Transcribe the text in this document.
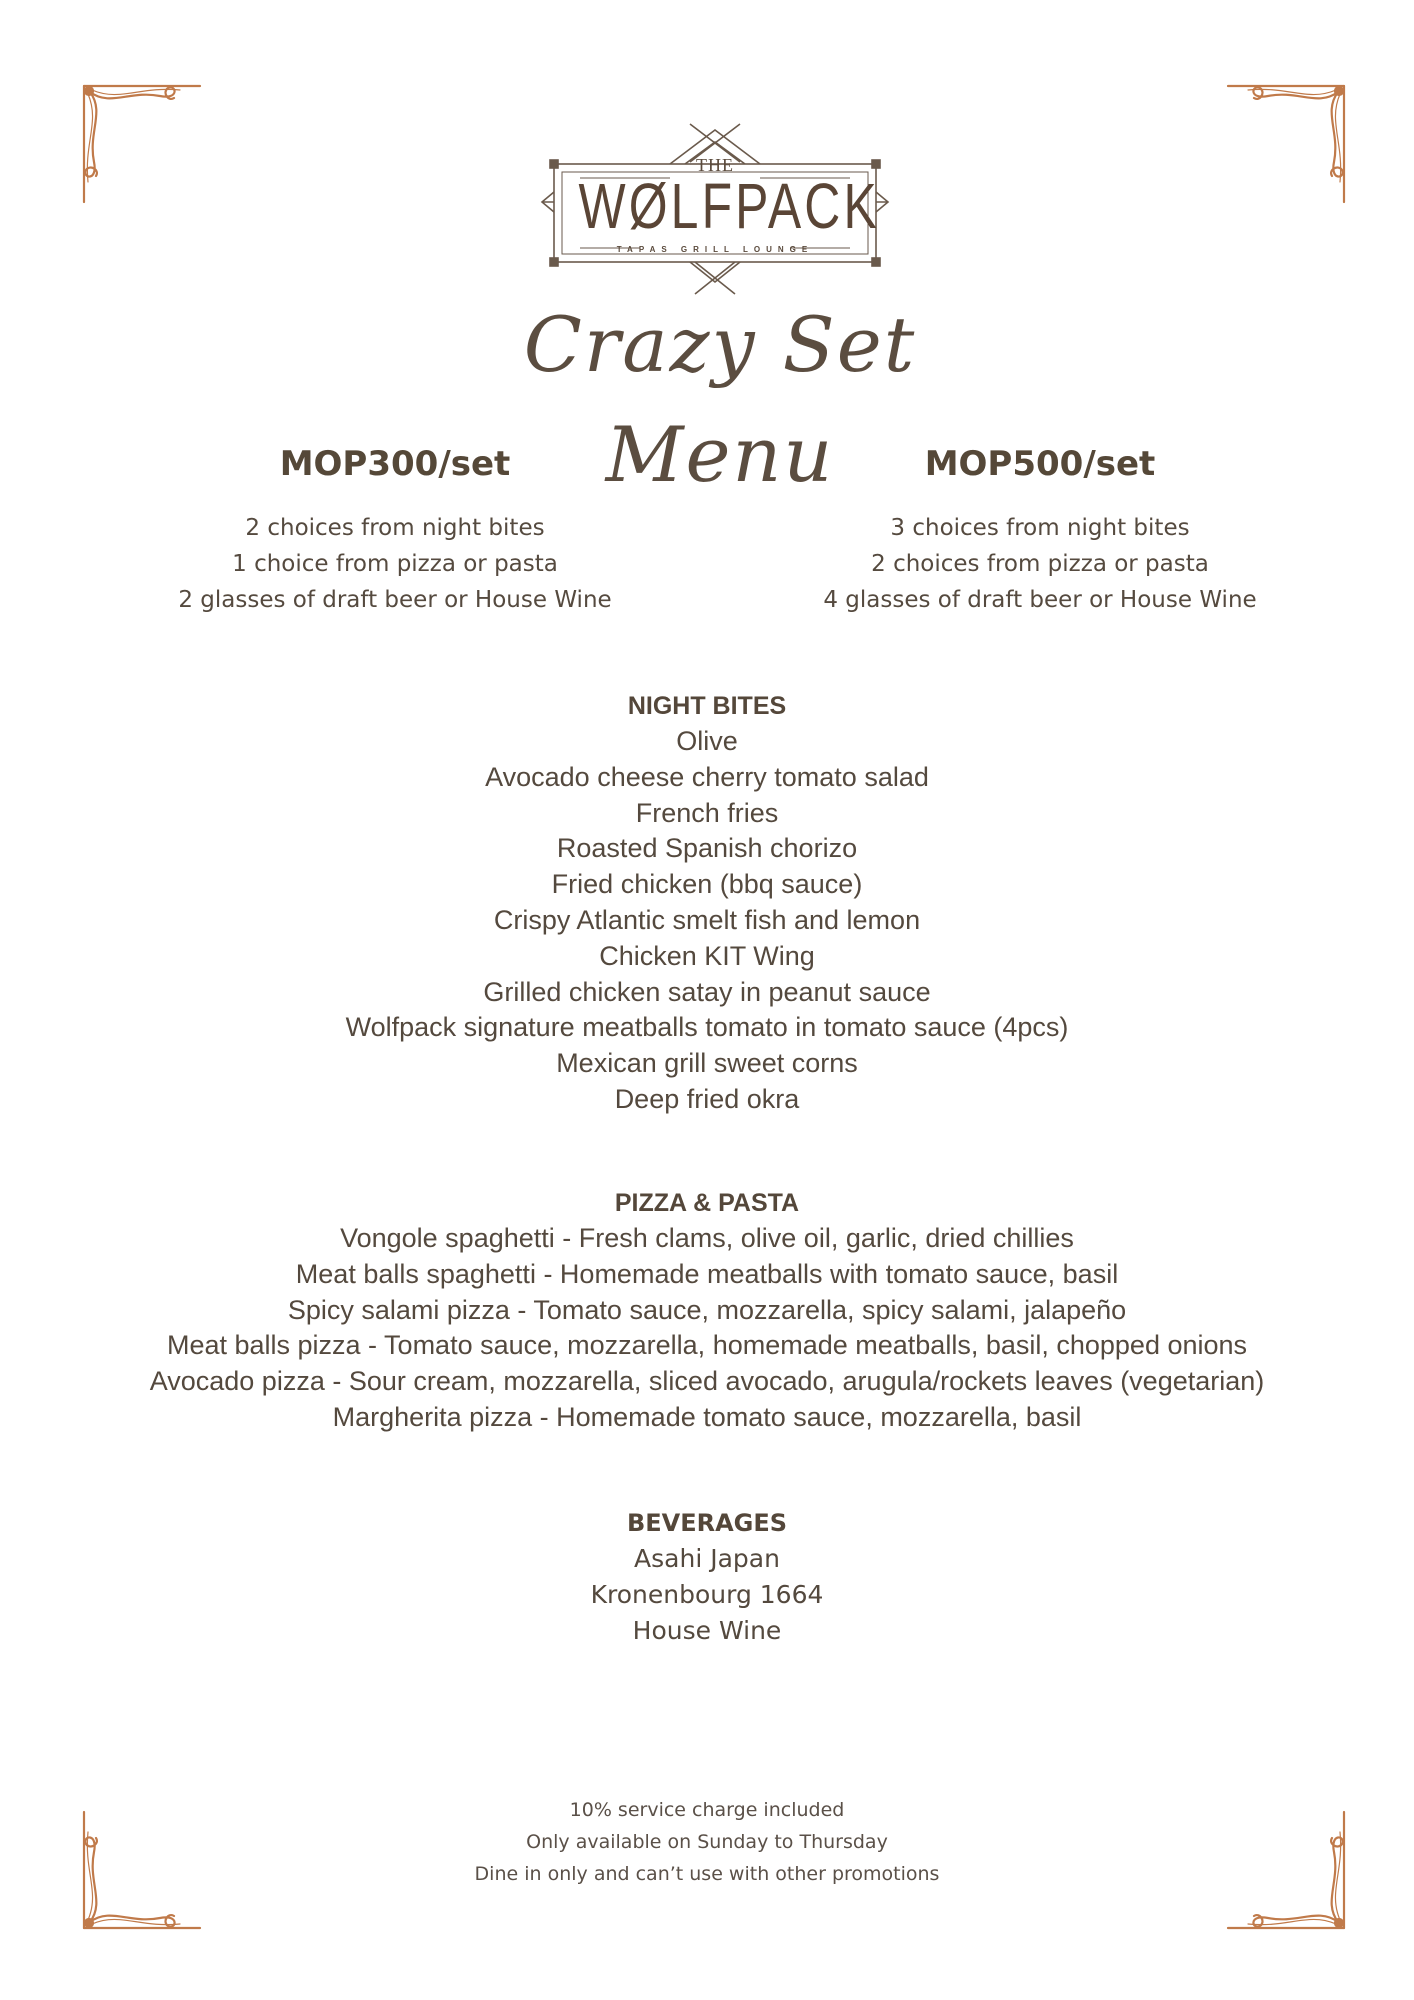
THE
WØLFPACK
TAPAS GRILL LOUNGE
Crazy Set Menu
MOP300/set
2 choices from night bites
1 choice from pizza or pasta
2 glasses of draft beer or House Wine
MOP500/set
3 choices from night bites
2 choices from pizza or pasta
4 glasses of draft beer or House Wine
NIGHT BITES
Olive
Avocado cheese cherry tomato salad
French fries
Roasted Spanish chorizo
Fried chicken (bbq sauce)
Crispy Atlantic smelt fish and lemon
Chicken KIT Wing
Grilled chicken satay in peanut sauce
Wolfpack signature meatballs tomato in tomato sauce (4pcs)
Mexican grill sweet corns
Deep fried okra
PIZZA & PASTA
Vongole spaghetti - Fresh clams, olive oil, garlic, dried chillies
Meat balls spaghetti - Homemade meatballs with tomato sauce, basil
Spicy salami pizza - Tomato sauce, mozzarella, spicy salami, jalapeño
Meat balls pizza - Tomato sauce, mozzarella, homemade meatballs, basil, chopped onions
Avocado pizza - Sour cream, mozzarella, sliced avocado, arugula/rockets leaves (vegetarian)
Margherita pizza - Homemade tomato sauce, mozzarella, basil
BEVERAGES
Asahi Japan
Kronenbourg 1664
House Wine
10% service charge included
Only available on Sunday to Thursday
Dine in only and can’t use with other promotions
